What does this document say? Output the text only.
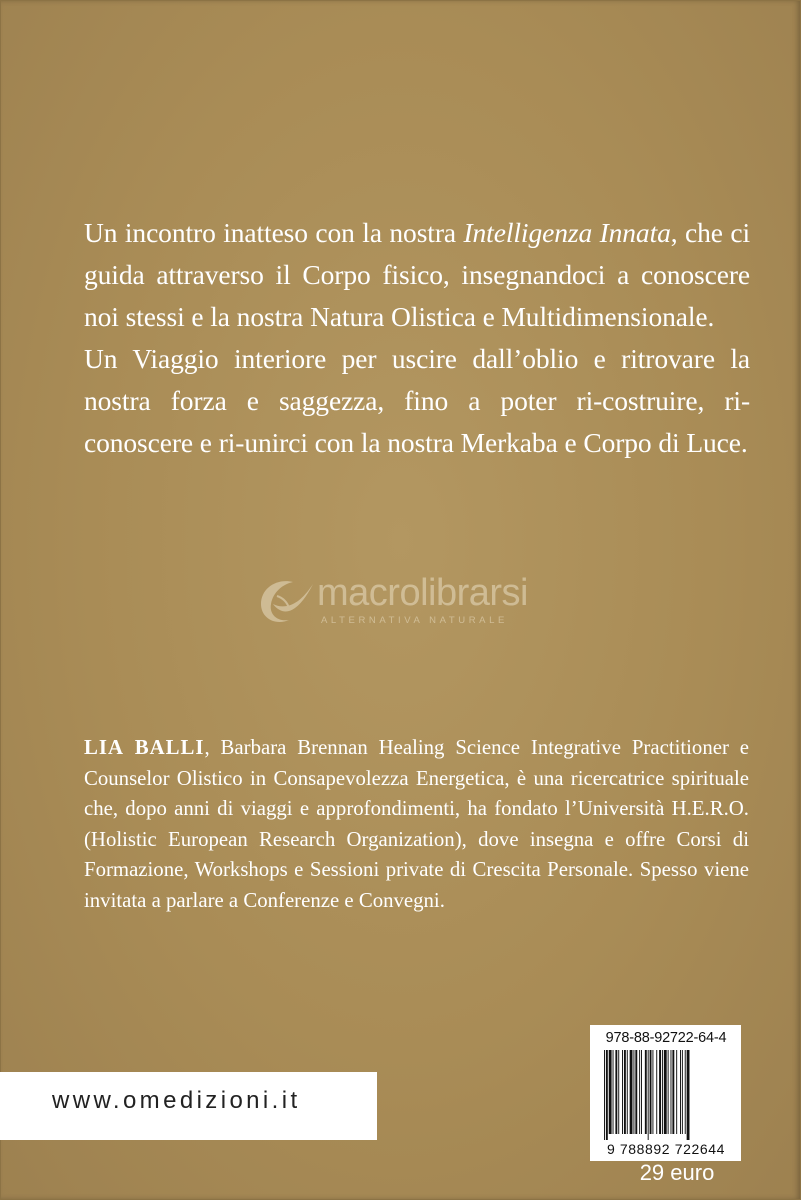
Un incontro inatteso con la nostra Intelligenza Innata, che ci guida attraverso il Corpo fisico, insegnandoci a conoscere noi stessi e la nostra Natura Olistica e Multidimensionale.

Un Viaggio interiore per uscire dall’oblio e ritrovare la nostra forza e saggezza, fino a poter ri-costruire, ri-conoscere e ri-unirci con la nostra Merkaba e Corpo di Luce.

macrolibrarsi
ALTERNATIVA NATURALE

LIA BALLI, Barbara Brennan Healing Science Integrative Practitioner e Counselor Olistico in Consapevolezza Energetica, è una ricercatrice spirituale che, dopo anni di viaggi e approfondimenti, ha fondato l’Università H.E.R.O. (Holistic European Research Organization), dove insegna e offre Corsi di Formazione, Workshops e Sessioni private di Crescita Personale. Spesso viene invitata a parlare a Conferenze e Convegni.

www.omedizioni.it
978-88-92722-64-4
9 788892 722644
29 euro
